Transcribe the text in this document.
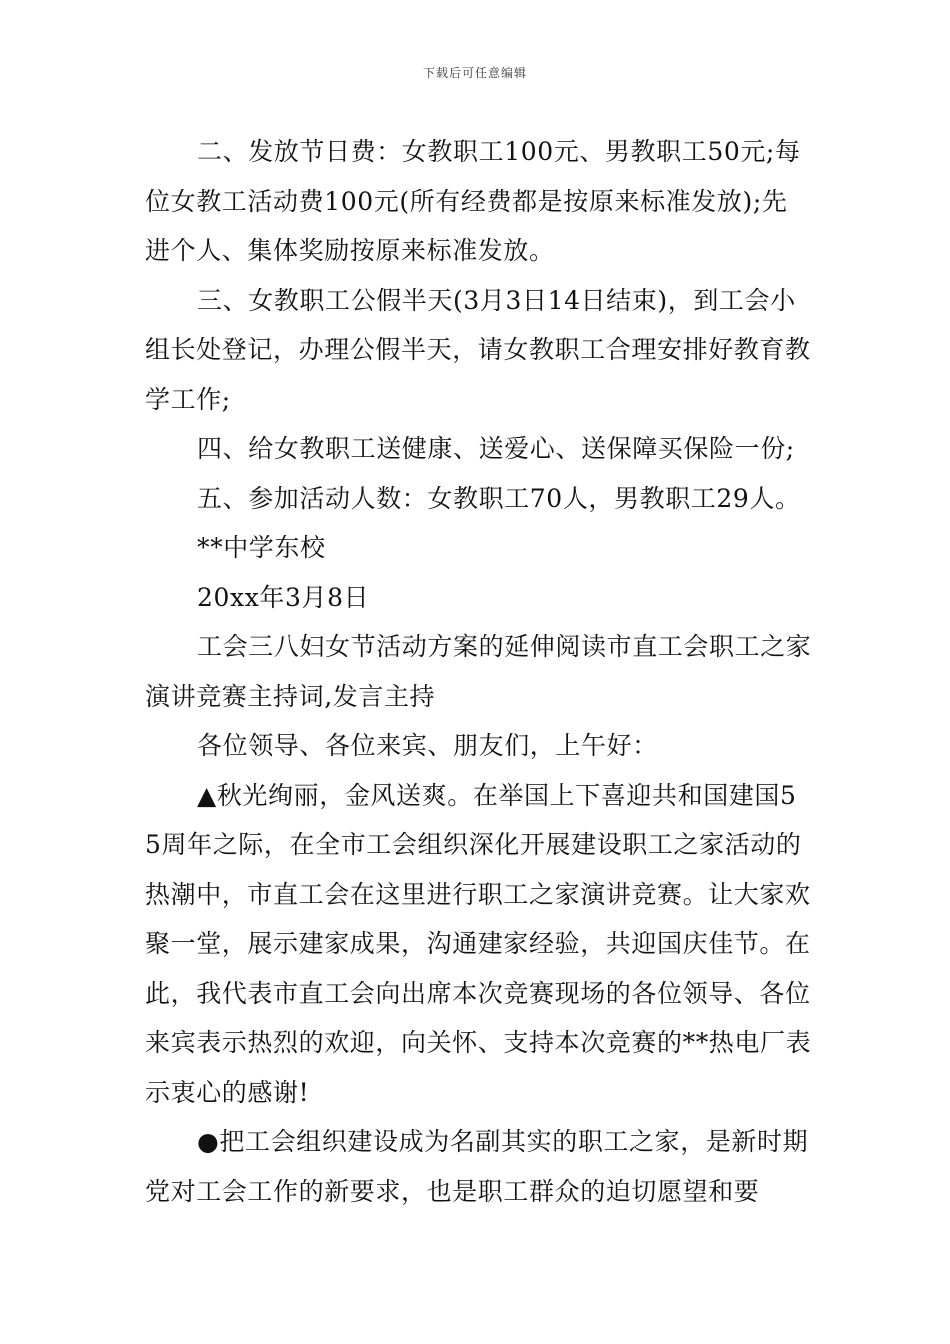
下载后可任意编辑

二、发放节日费：女教职工100元、男教职工50元;每位女教工活动费100元(所有经费都是按原来标准发放);先进个人、集体奖励按原来标准发放。

三、女教职工公假半天(3月3日14日结束)，到工会小组长处登记，办理公假半天，请女教职工合理安排好教育教学工作;

四、给女教职工送健康、送爱心、送保障买保险一份;

五、参加活动人数：女教职工70人，男教职工29人。

**中学东校

20xx年3月8日

工会三八妇女节活动方案的延伸阅读市直工会职工之家演讲竞赛主持词,发言主持

各位领导、各位来宾、朋友们，上午好：

▲秋光绚丽，金风送爽。在举国上下喜迎共和国建国55周年之际，在全市工会组织深化开展建设职工之家活动的热潮中，市直工会在这里进行职工之家演讲竞赛。让大家欢聚一堂，展示建家成果，沟通建家经验，共迎国庆佳节。在此，我代表市直工会向出席本次竞赛现场的各位领导、各位来宾表示热烈的欢迎，向关怀、支持本次竞赛的**热电厂表示衷心的感谢!

●把工会组织建设成为名副其实的职工之家，是新时期党对工会工作的新要求，也是职工群众的迫切愿望和要
